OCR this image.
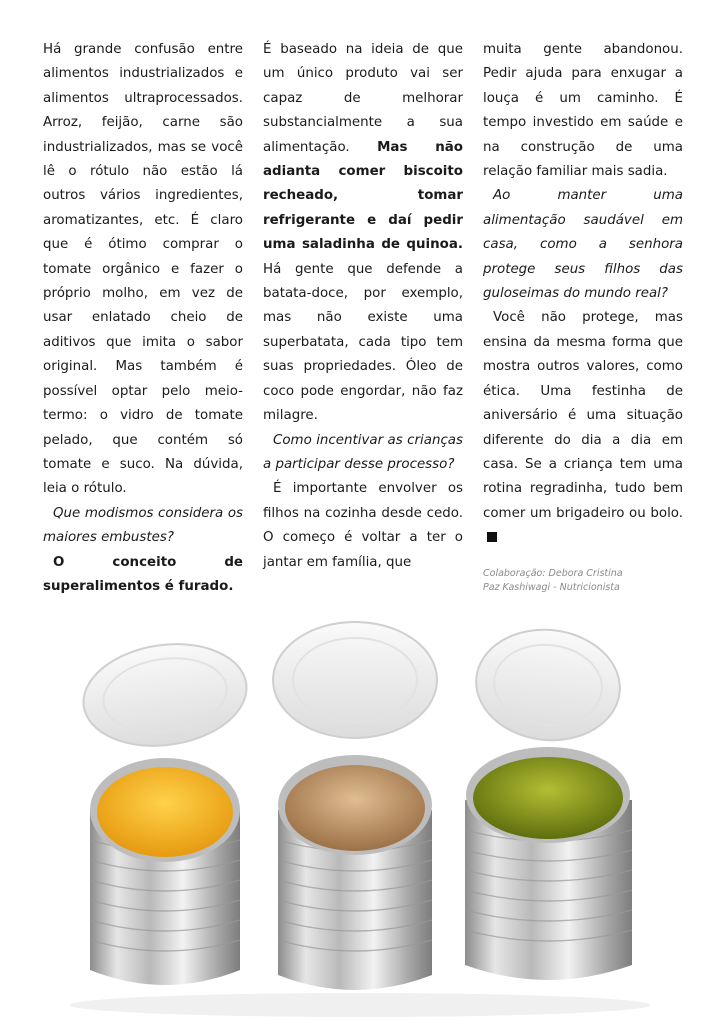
Há grande confusão entre alimentos industrializados e alimentos ultraprocessados. Arroz, feijão, carne são industrializados, mas se você lê o rótulo não estão lá outros vários ingredientes, aromatizantes, etc. É claro que é ótimo comprar o tomate orgânico e fazer o próprio molho, em vez de usar enlatado cheio de aditivos que imita o sabor original. Mas também é possível optar pelo meio-termo: o vidro de tomate pelado, que contém só tomate e suco. Na dúvida, leia o rótulo.

Que modismos considera os maiores embustes?

O conceito de superalimentos é furado.

É baseado na ideia de que um único produto vai ser capaz de melhorar substancialmente a sua alimentação. Mas não adianta comer biscoito recheado, tomar refrigerante e daí pedir uma saladinha de quinoa. Há gente que defende a batata-doce, por exemplo, mas não existe uma superbatata, cada tipo tem suas propriedades. Óleo de coco pode engordar, não faz milagre.

Como incentivar as crianças a participar desse processo?

É importante envolver os filhos na cozinha desde cedo. O começo é voltar a ter o jantar em família, que

muita gente abandonou. Pedir ajuda para enxugar a louça é um caminho. É tempo investido em saúde e na construção de uma relação familiar mais sadia.

Ao manter uma alimentação saudável em casa, como a senhora protege seus filhos das guloseimas do mundo real?

Você não protege, mas ensina da mesma forma que mostra outros valores, como ética. Uma festinha de aniversário é uma situação diferente do dia a dia em casa. Se a criança tem uma rotina regradinha, tudo bem comer um brigadeiro ou bolo.

Colaboração: Debora Cristina
Paz Kashiwagi - Nutricionista
